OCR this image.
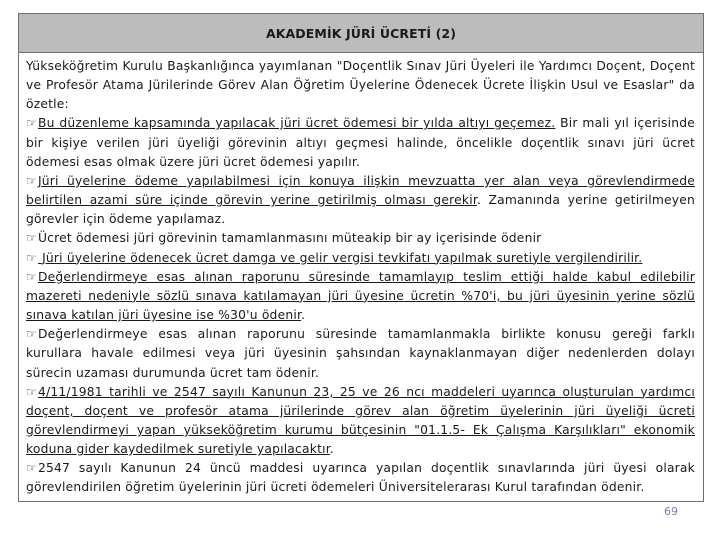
AKADEMİK JÜRİ ÜCRETİ (2)

Yükseköğretim Kurulu Başkanlığınca yayımlanan "Doçentlik Sınav Jüri Üyeleri ile Yardımcı Doçent, Doçent ve Profesör Atama Jürilerinde Görev Alan Öğretim Üyelerine Ödenecek Ücrete İlişkin Usul ve Esaslar" da özetle:

☞Bu düzenleme kapsamında yapılacak jüri ücret ödemesi bir yılda altıyı geçemez. Bir mali yıl içerisinde bir kişiye verilen jüri üyeliği görevinin altıyı geçmesi halinde, öncelikle doçentlik sınavı jüri ücret ödemesi esas olmak üzere jüri ücret ödemesi yapılır.

☞Jüri üyelerine ödeme yapılabilmesi için konuya ilişkin mevzuatta yer alan veya görevlendirmede belirtilen azami süre içinde görevin yerine getirilmiş olması gerekir. Zamanında yerine getirilmeyen görevler için ödeme yapılamaz.

☞Ücret ödemesi jüri görevinin tamamlanmasını müteakip bir ay içerisinde ödenir

☞ Jüri üyelerine ödenecek ücret damga ve gelir vergisi tevkifatı yapılmak suretiyle vergilendirilir.

☞Değerlendirmeye esas alınan raporunu süresinde tamamlayıp teslim ettiği halde kabul edilebilir mazereti nedeniyle sözlü sınava katılamayan jüri üyesine ücretin %70'i, bu jüri üyesinin yerine sözlü sınava katılan jüri üyesine ise %30'u ödenir.

☞Değerlendirmeye esas alınan raporunu süresinde tamamlanmakla birlikte konusu gereği farklı kurullara havale edilmesi veya jüri üyesinin şahsından kaynaklanmayan diğer nedenlerden dolayı sürecin uzaması durumunda ücret tam ödenir.

☞4/11/1981 tarihli ve 2547 sayılı Kanunun 23, 25 ve 26 ncı maddeleri uyarınca oluşturulan yardımcı doçent, doçent ve profesör atama jürilerinde görev alan öğretim üyelerinin jüri üyeliği ücreti görevlendirmeyi yapan yükseköğretim kurumu bütçesinin "01.1.5- Ek Çalışma Karşılıkları" ekonomik koduna gider kaydedilmek suretiyle yapılacaktır.

☞2547 sayılı Kanunun 24 üncü maddesi uyarınca yapılan doçentlik sınavlarında jüri üyesi olarak görevlendirilen öğretim üyelerinin jüri ücreti ödemeleri Üniversitelerarası Kurul tarafından ödenir.

69
